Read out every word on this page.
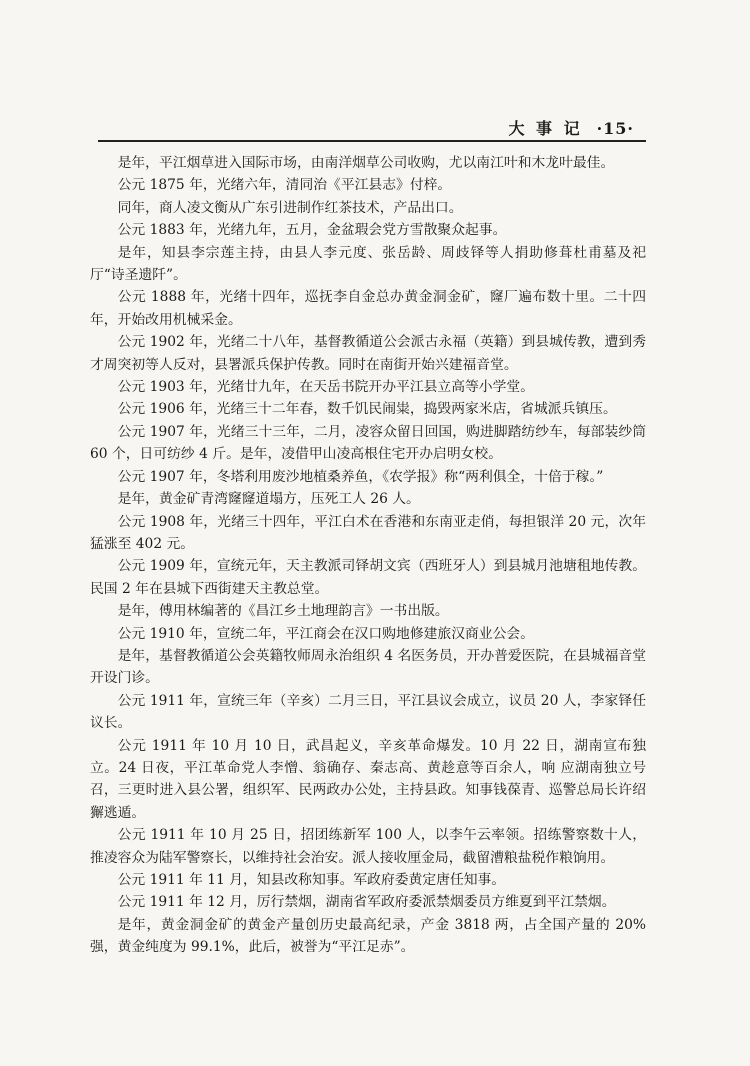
大 事 记 ·15·

是年，平江烟草进入国际市场，由南洋烟草公司收购，尤以南江叶和木龙叶最佳。

公元 1875 年，光绪六年，清同治《平江县志》付梓。

同年，商人凌文衡从广东引进制作红茶技术，产品出口。

公元 1883 年，光绪九年，五月，金盆瑕会党方雪散聚众起事。

是年，知县李宗莲主持，由县人李元度、张岳龄、周歧铎等人捐助修葺杜甫墓及祀厅“诗圣遗阡”。

公元 1888 年，光绪十四年，巡抚李自金总办黄金洞金矿，窿厂遍布数十里。二十四年，开始改用机械采金。

公元 1902 年，光绪二十八年，基督教循道公会派古永福（英籍）到县城传教，遭到秀才周突初等人反对，县署派兵保护传教。同时在南街开始兴建福音堂。

公元 1903 年，光绪廿九年，在天岳书院开办平江县立高等小学堂。

公元 1906 年，光绪三十二年春，数千饥民闹粜，捣毁两家米店，省城派兵镇压。

公元 1907 年，光绪三十三年，二月，凌容众留日回国，购进脚踏纺纱车，每部装纱筒 60 个，日可纺纱 4 斤。是年，凌借甲山凌高根住宅开办启明女校。

公元 1907 年，冬塔利用废沙地植桑养鱼，《农学报》称“两利俱全，十倍于稼。”

是年，黄金矿青湾窿窿道塌方，压死工人 26 人。

公元 1908 年，光绪三十四年，平江白术在香港和东南亚走俏，每担银洋 20 元，次年猛涨至 402 元。

公元 1909 年，宣统元年，天主教派司铎胡文宾（西班牙人）到县城月池塘租地传教。民国 2 年在县城下西街建天主教总堂。

是年，傅用林编著的《昌江乡土地理韵言》一书出版。

公元 1910 年，宣统二年，平江商会在汉口购地修建旅汉商业公会。

是年，基督教循道公会英籍牧师周永治组织 4 名医务员，开办普爱医院，在县城福音堂开设门诊。

公元 1911 年，宣统三年（辛亥）二月三日，平江县议会成立，议员 20 人，李家铎任议长。

公元 1911 年 10 月 10 日，武昌起义，辛亥革命爆发。10 月 22 日，湖南宣布独立。24 日夜，平江革命党人李憎、翁确存、秦志高、黄趁意等百余人，响 应湖南独立号召，三更时进入县公署，组织军、民两政办公处，主持县政。知事钱葆青、巡警总局长许绍獬逃遁。

公元 1911 年 10 月 25 日，招团练新军 100 人，以李午云率领。招练警察数十人，推凌容众为陆军警察长，以维持社会治安。派人接收厘金局，截留漕粮盐税作粮饷用。

公元 1911 年 11 月，知县改称知事。军政府委黄定唐任知事。

公元 1911 年 12 月，厉行禁烟，湖南省军政府委派禁烟委员方维夏到平江禁烟。

是年，黄金洞金矿的黄金产量创历史最高纪录，产金 3818 两，占全国产量的 20%强，黄金纯度为 99.1%，此后，被誉为“平江足赤”。
